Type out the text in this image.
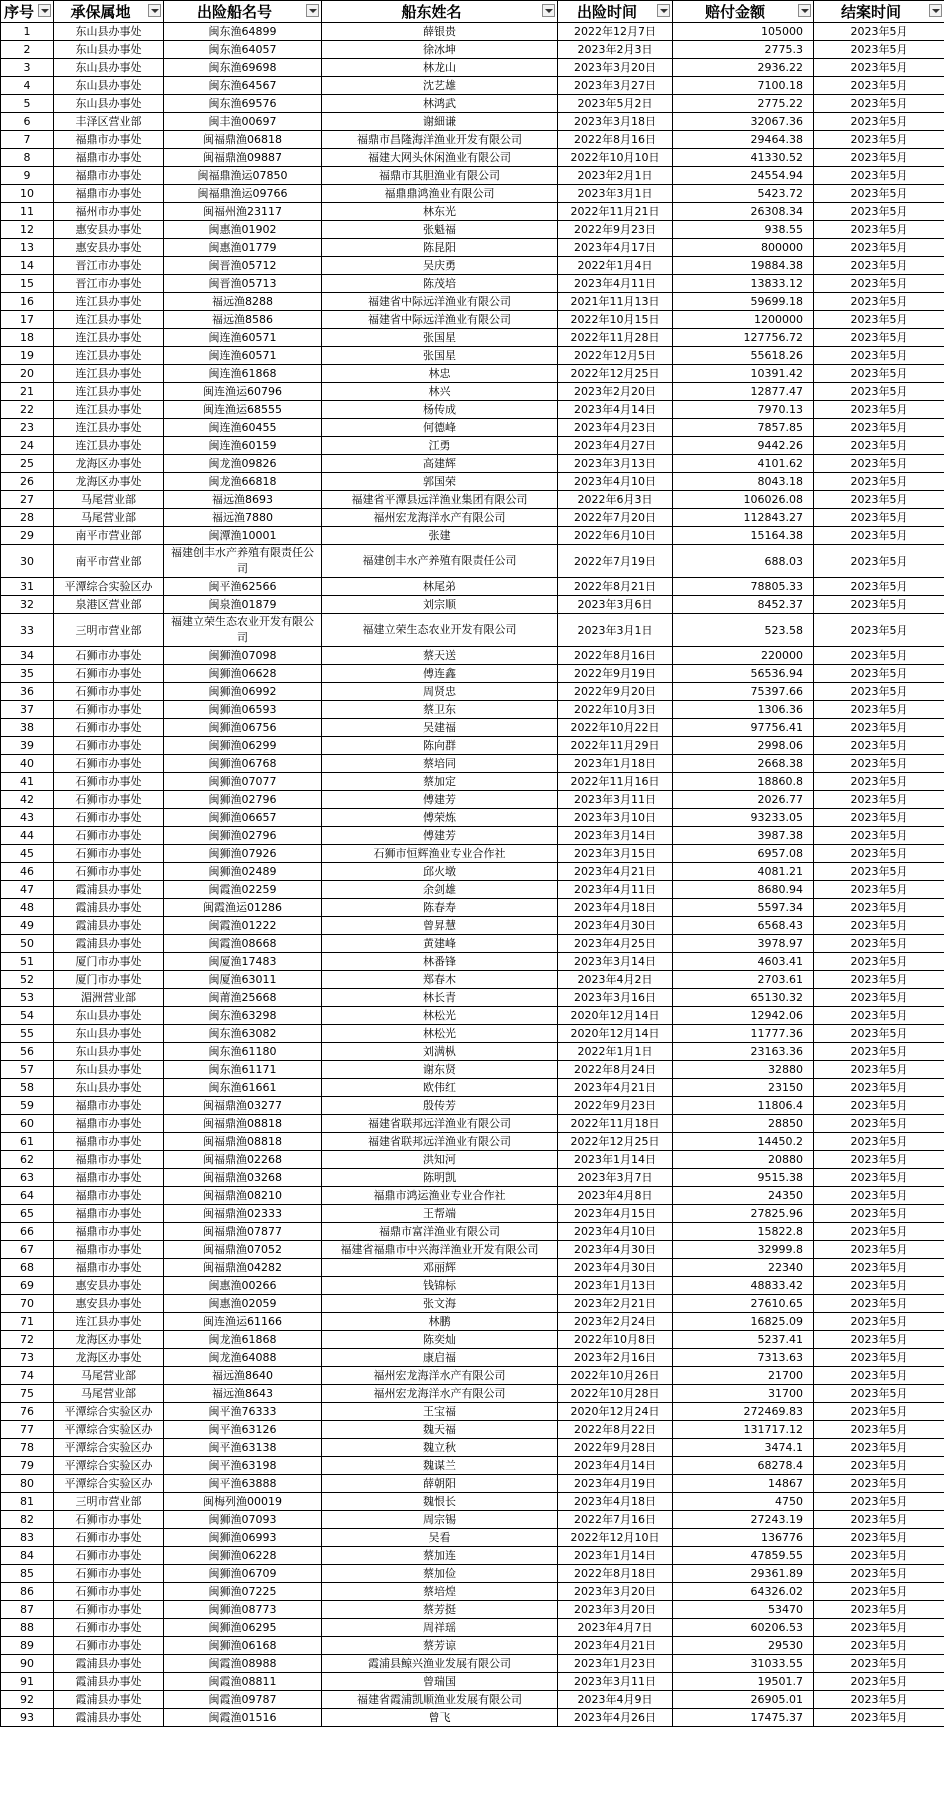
序号	承保属地	出险船名号	船东姓名	出险时间	赔付金额	结案时间

1	东山县办事处	闽东渔64899	薛银贵	2022年12月7日	105000	2023年5月
2	东山县办事处	闽东渔64057	徐冰坤	2023年2月3日	2775.3	2023年5月
3	东山县办事处	闽东渔69698	林龙山	2023年3月20日	2936.22	2023年5月
4	东山县办事处	闽东渔64567	沈艺雄	2023年3月27日	7100.18	2023年5月
5	东山县办事处	闽东渔69576	林鸿武	2023年5月2日	2775.22	2023年5月
6	丰泽区营业部	闽丰渔00697	谢細谦	2023年3月18日	32067.36	2023年5月
7	福鼎市办事处	闽福鼎渔06818	福鼎市昌隆海洋渔业开发有限公司	2022年8月16日	29464.38	2023年5月
8	福鼎市办事处	闽福鼎渔09887	福建大网头休闲渔业有限公司	2022年10月10日	41330.52	2023年5月
9	福鼎市办事处	闽福鼎渔运07850	福鼎市其胆渔业有限公司	2023年2月1日	24554.94	2023年5月
10	福鼎市办事处	闽福鼎渔运09766	福鼎鼎鸿渔业有限公司	2023年3月1日	5423.72	2023年5月
11	福州市办事处	闽福州渔23117	林东光	2022年11月21日	26308.34	2023年5月
12	惠安县办事处	闽惠渔01902	张魁福	2022年9月23日	938.55	2023年5月
13	惠安县办事处	闽惠渔01779	陈昆阳	2023年4月17日	800000	2023年5月
14	晋江市办事处	闽晋渔05712	吴庆勇	2022年1月4日	19884.38	2023年5月
15	晋江市办事处	闽晋渔05713	陈茂培	2023年4月11日	13833.12	2023年5月
16	连江县办事处	福远渔8288	福建省中际远洋渔业有限公司	2021年11月13日	59699.18	2023年5月
17	连江县办事处	福远渔8586	福建省中际远洋渔业有限公司	2022年10月15日	1200000	2023年5月
18	连江县办事处	闽连渔60571	张国星	2022年11月28日	127756.72	2023年5月
19	连江县办事处	闽连渔60571	张国星	2022年12月5日	55618.26	2023年5月
20	连江县办事处	闽连渔61868	林忠	2022年12月25日	10391.42	2023年5月
21	连江县办事处	闽连渔运60796	林兴	2023年2月20日	12877.47	2023年5月
22	连江县办事处	闽连渔运68555	杨传成	2023年4月14日	7970.13	2023年5月
23	连江县办事处	闽连渔60455	何德峰	2023年4月23日	7857.85	2023年5月
24	连江县办事处	闽连渔60159	江勇	2023年4月27日	9442.26	2023年5月
25	龙海区办事处	闽龙渔09826	高建辉	2023年3月13日	4101.62	2023年5月
26	龙海区办事处	闽龙渔66818	郭国荣	2023年4月10日	8043.18	2023年5月
27	马尾营业部	福远渔8693	福建省平潭县远洋渔业集团有限公司	2022年6月3日	106026.08	2023年5月
28	马尾营业部	福远渔7880	福州宏龙海洋水产有限公司	2022年7月20日	112843.27	2023年5月
29	南平市营业部	闽潭渔10001	张建	2022年6月10日	15164.38	2023年5月
30	南平市营业部	福建创丰水产养殖有限责任公司	福建创丰水产养殖有限责任公司	2022年7月19日	688.03	2023年5月
31	平潭综合实验区办	闽平渔62566	林尾弟	2022年8月21日	78805.33	2023年5月
32	泉港区营业部	闽泉渔01879	刘宗顺	2023年3月6日	8452.37	2023年5月
33	三明市营业部	福建立荣生态农业开发有限公司	福建立荣生态农业开发有限公司	2023年3月1日	523.58	2023年5月
34	石狮市办事处	闽狮渔07098	蔡天送	2022年8月16日	220000	2023年5月
35	石狮市办事处	闽狮渔06628	傅连鑫	2022年9月19日	56536.94	2023年5月
36	石狮市办事处	闽狮渔06992	周贤忠	2022年9月20日	75397.66	2023年5月
37	石狮市办事处	闽狮渔06593	蔡卫东	2022年10月3日	1306.36	2023年5月
38	石狮市办事处	闽狮渔06756	吴建福	2022年10月22日	97756.41	2023年5月
39	石狮市办事处	闽狮渔06299	陈向群	2022年11月29日	2998.06	2023年5月
40	石狮市办事处	闽狮渔06768	蔡培同	2023年1月18日	2668.38	2023年5月
41	石狮市办事处	闽狮渔07077	蔡加定	2022年11月16日	18860.8	2023年5月
42	石狮市办事处	闽狮渔02796	傅建芳	2023年3月11日	2026.77	2023年5月
43	石狮市办事处	闽狮渔06657	傅荣炼	2023年3月10日	93233.05	2023年5月
44	石狮市办事处	闽狮渔02796	傅建芳	2023年3月14日	3987.38	2023年5月
45	石狮市办事处	闽狮渔07926	石狮市恒辉渔业专业合作社	2023年3月15日	6957.08	2023年5月
46	石狮市办事处	闽狮渔02489	邱火墩	2023年4月21日	4081.21	2023年5月
47	霞浦县办事处	闽霞渔02259	余剑雄	2023年4月11日	8680.94	2023年5月
48	霞浦县办事处	闽霞渔运01286	陈春寿	2023年4月18日	5597.34	2023年5月
49	霞浦县办事处	闽霞渔01222	曾昇慧	2023年4月30日	6568.43	2023年5月
50	霞浦县办事处	闽霞渔08668	黄建峰	2023年4月25日	3978.97	2023年5月
51	厦门市办事处	闽厦渔17483	林番锋	2023年3月14日	4603.41	2023年5月
52	厦门市办事处	闽厦渔63011	郑春木	2023年4月2日	2703.61	2023年5月
53	湄洲营业部	闽莆渔25668	林长青	2023年3月16日	65130.32	2023年5月
54	东山县办事处	闽东渔63298	林松光	2020年12月14日	12942.06	2023年5月
55	东山县办事处	闽东渔63082	林松光	2020年12月14日	11777.36	2023年5月
56	东山县办事处	闽东渔61180	刘满枞	2022年1月1日	23163.36	2023年5月
57	东山县办事处	闽东渔61171	谢东贤	2022年8月24日	32880	2023年5月
58	东山县办事处	闽东渔61661	欧伟红	2023年4月21日	23150	2023年5月
59	福鼎市办事处	闽福鼎渔03277	殷传芳	2022年9月23日	11806.4	2023年5月
60	福鼎市办事处	闽福鼎渔08818	福建省联邦远洋渔业有限公司	2022年11月18日	28850	2023年5月
61	福鼎市办事处	闽福鼎渔08818	福建省联邦远洋渔业有限公司	2022年12月25日	14450.2	2023年5月
62	福鼎市办事处	闽福鼎渔02268	洪知河	2023年1月14日	20880	2023年5月
63	福鼎市办事处	闽福鼎渔03268	陈明凯	2023年3月7日	9515.38	2023年5月
64	福鼎市办事处	闽福鼎渔08210	福鼎市鸿运渔业专业合作社	2023年4月8日	24350	2023年5月
65	福鼎市办事处	闽福鼎渔02333	王帮端	2023年4月15日	27825.96	2023年5月
66	福鼎市办事处	闽福鼎渔07877	福鼎市富洋渔业有限公司	2023年4月10日	15822.8	2023年5月
67	福鼎市办事处	闽福鼎渔07052	福建省福鼎市中兴海洋渔业开发有限公司	2023年4月30日	32999.8	2023年5月
68	福鼎市办事处	闽福鼎渔04282	邓丽辉	2023年4月30日	22340	2023年5月
69	惠安县办事处	闽惠渔00266	钱锦标	2023年1月13日	48833.42	2023年5月
70	惠安县办事处	闽惠渔02059	张文海	2023年2月21日	27610.65	2023年5月
71	连江县办事处	闽连渔运61166	林鹏	2023年2月24日	16825.09	2023年5月
72	龙海区办事处	闽龙渔61868	陈奕灿	2022年10月8日	5237.41	2023年5月
73	龙海区办事处	闽龙渔64088	康启福	2023年2月16日	7313.63	2023年5月
74	马尾营业部	福远渔8640	福州宏龙海洋水产有限公司	2022年10月26日	21700	2023年5月
75	马尾营业部	福远渔8643	福州宏龙海洋水产有限公司	2022年10月28日	31700	2023年5月
76	平潭综合实验区办	闽平渔76333	王宝福	2020年12月24日	272469.83	2023年5月
77	平潭综合实验区办	闽平渔63126	魏天福	2022年8月22日	131717.12	2023年5月
78	平潭综合实验区办	闽平渔63138	魏立秋	2022年9月28日	3474.1	2023年5月
79	平潭综合实验区办	闽平渔63198	魏谋兰	2023年4月14日	68278.4	2023年5月
80	平潭综合实验区办	闽平渔63888	薛朝阳	2023年4月19日	14867	2023年5月
81	三明市营业部	闽梅列渔00019	魏恨长	2023年4月18日	4750	2023年5月
82	石狮市办事处	闽狮渔07093	周宗锡	2022年7月16日	27243.19	2023年5月
83	石狮市办事处	闽狮渔06993	吴看	2022年12月10日	136776	2023年5月
84	石狮市办事处	闽狮渔06228	蔡加连	2023年1月14日	47859.55	2023年5月
85	石狮市办事处	闽狮渔06709	蔡加俭	2022年8月18日	29361.89	2023年5月
86	石狮市办事处	闽狮渔07225	蔡培煌	2023年3月20日	64326.02	2023年5月
87	石狮市办事处	闽狮渔08773	蔡芳挺	2023年3月20日	53470	2023年5月
88	石狮市办事处	闽狮渔06295	周祥瑶	2023年4月7日	60206.53	2023年5月
89	石狮市办事处	闽狮渔06168	蔡芳谅	2023年4月21日	29530	2023年5月
90	霞浦县办事处	闽霞渔08988	霞浦县鲸兴渔业发展有限公司	2023年1月23日	31033.55	2023年5月
91	霞浦县办事处	闽霞渔08811	曾瑞国	2023年3月11日	19501.7	2023年5月
92	霞浦县办事处	闽霞渔09787	福建省霞浦凯顺渔业发展有限公司	2023年4月9日	26905.01	2023年5月
93	霞浦县办事处	闽霞渔01516	曾飞	2023年4月26日	17475.37	2023年5月
